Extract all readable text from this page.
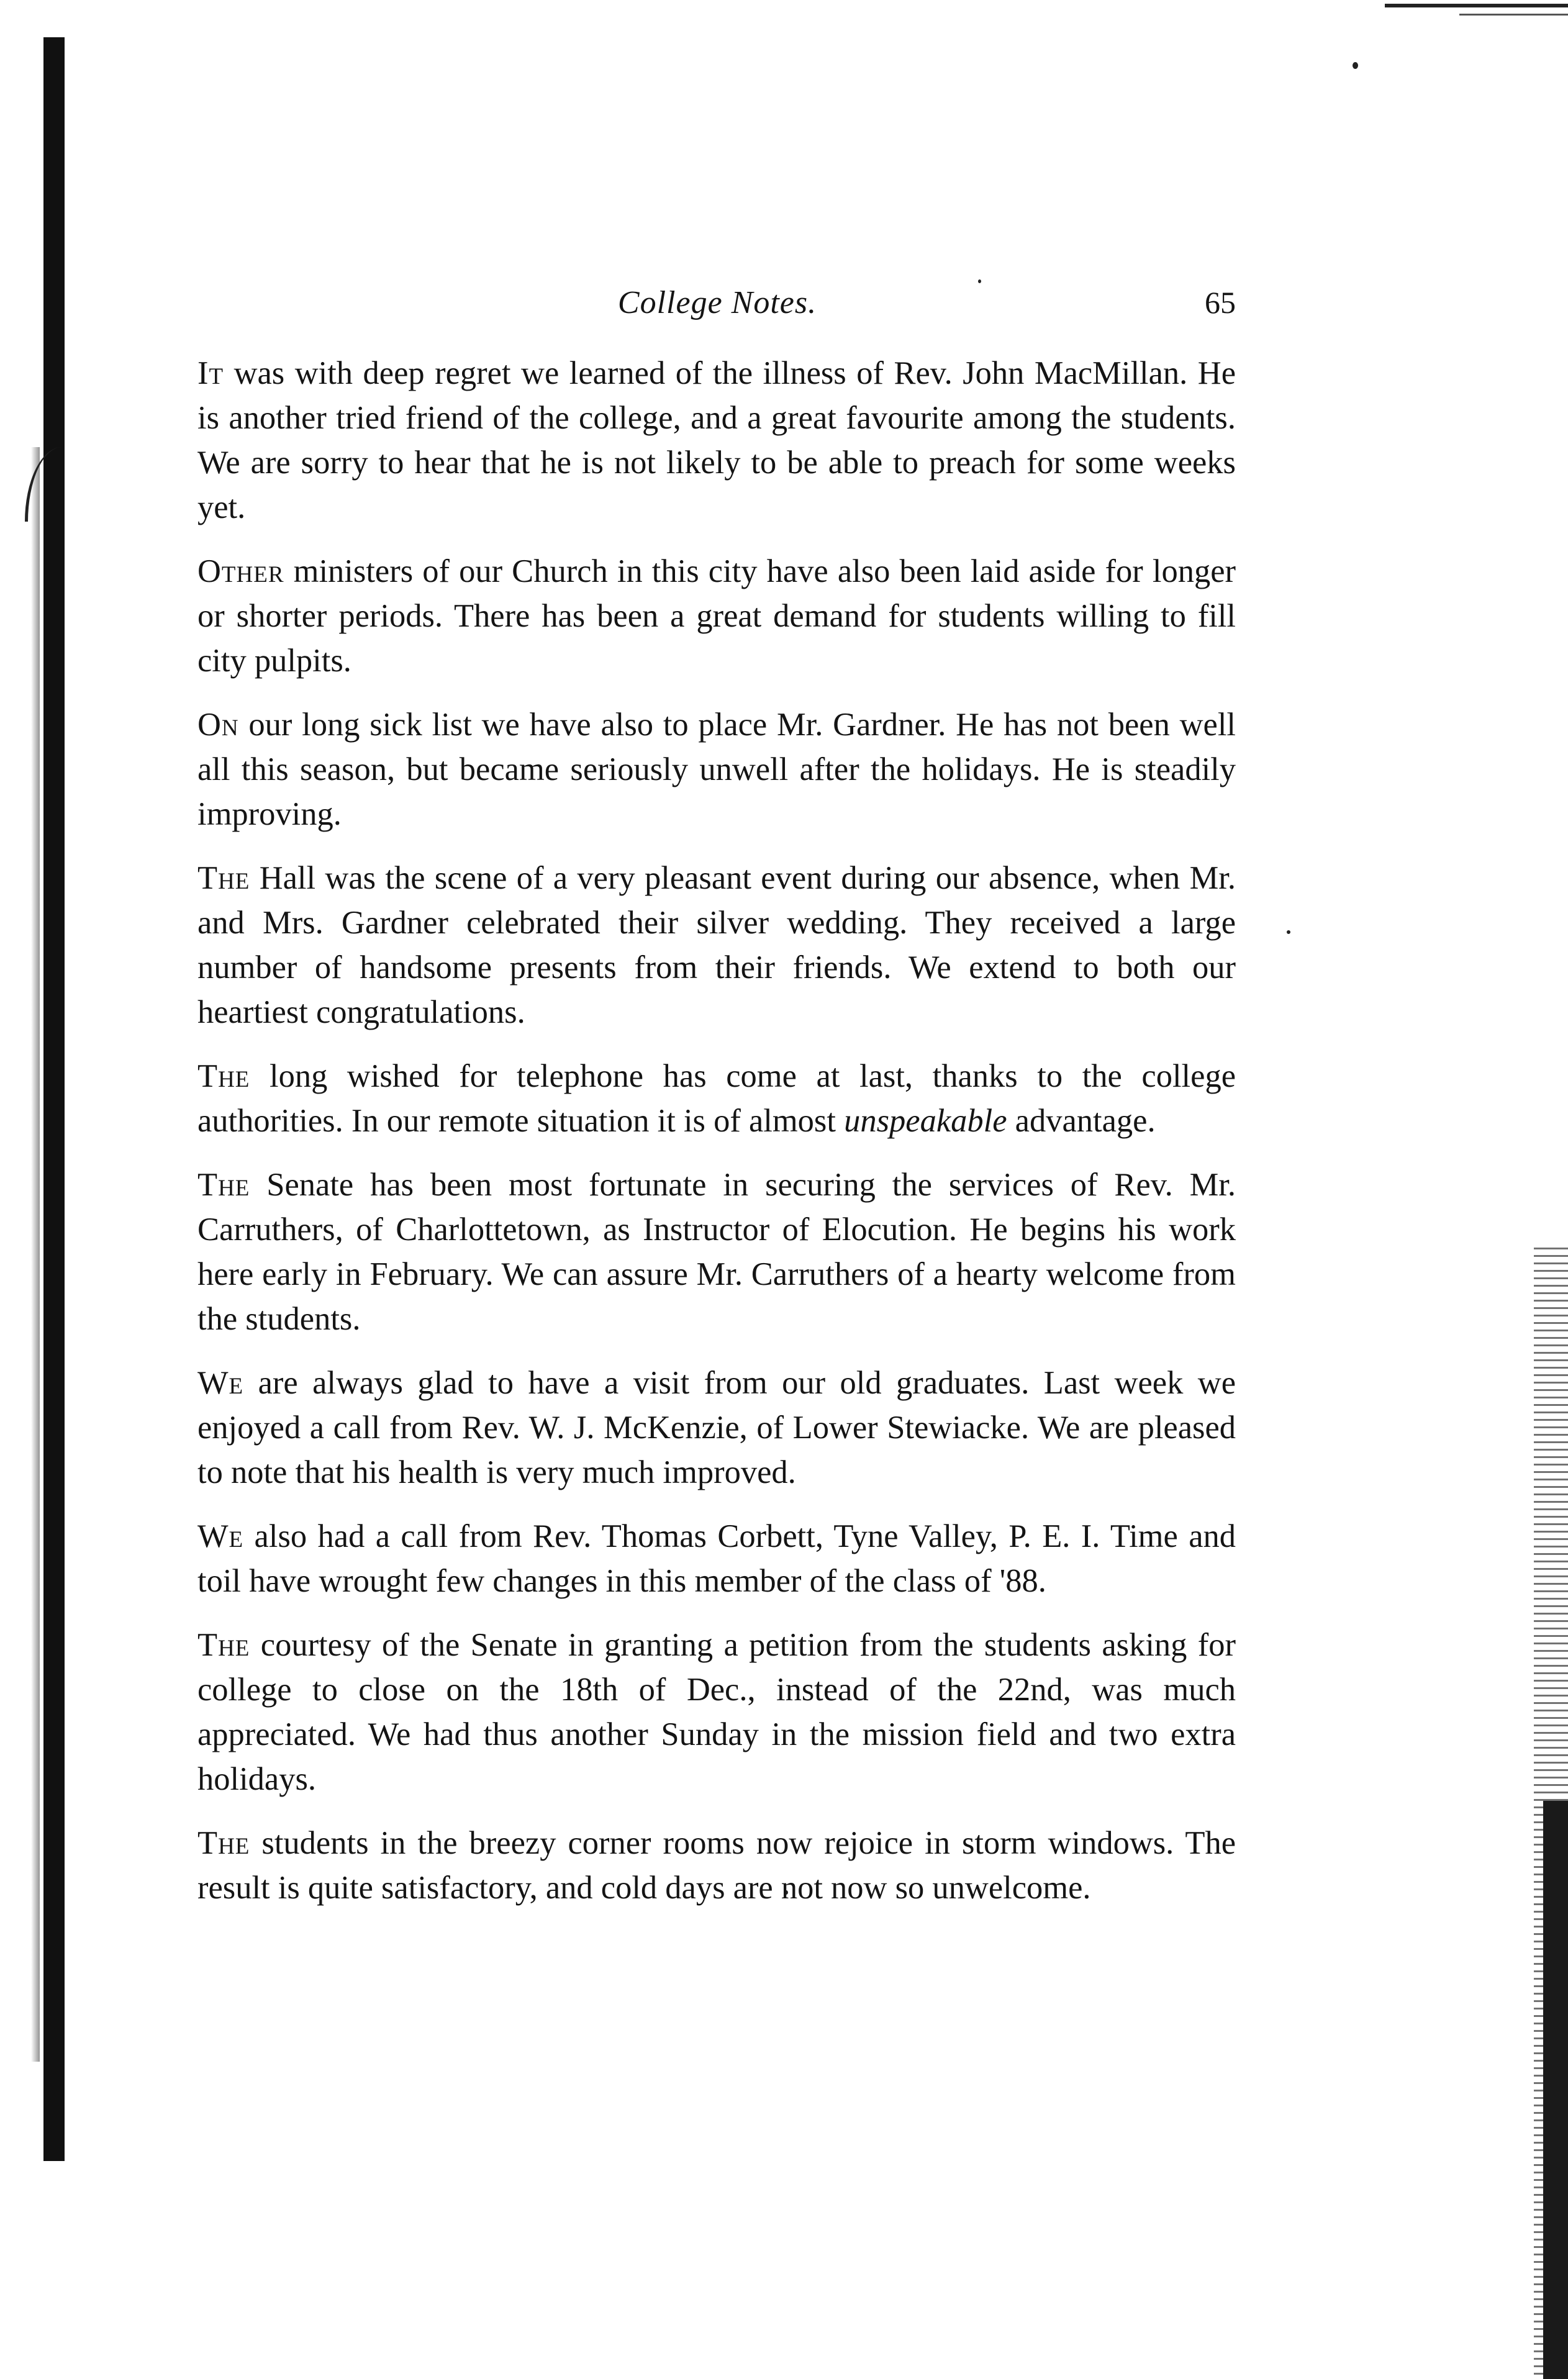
College Notes.	65

It was with deep regret we learned of the illness of Rev. John MacMillan. He is another tried friend of the college, and a great favourite among the students. We are sorry to hear that he is not likely to be able to preach for some weeks yet.

Other ministers of our Church in this city have also been laid aside for longer or shorter periods. There has been a great demand for students willing to fill city pulpits.

On our long sick list we have also to place Mr. Gardner. He has not been well all this season, but became seriously unwell after the holidays. He is steadily improving.

The Hall was the scene of a very pleasant event during our absence, when Mr. and Mrs. Gardner celebrated their silver wedding. They received a large number of handsome presents from their friends. We extend to both our heartiest congratulations.

The long wished for telephone has come at last, thanks to the college authorities. In our remote situation it is of almost unspeakable advantage.

The Senate has been most fortunate in securing the services of Rev. Mr. Carruthers, of Charlottetown, as Instructor of Elocution. He begins his work here early in February. We can assure Mr. Carruthers of a hearty welcome from the students.

We are always glad to have a visit from our old graduates. Last week we enjoyed a call from Rev. W. J. McKenzie, of Lower Stewiacke. We are pleased to note that his health is very much improved.

We also had a call from Rev. Thomas Corbett, Tyne Valley, P. E. I. Time and toil have wrought few changes in this member of the class of '88.

The courtesy of the Senate in granting a petition from the students asking for college to close on the 18th of Dec., instead of the 22nd, was much appreciated. We had thus another Sunday in the mission field and two extra holidays.

The students in the breezy corner rooms now rejoice in storm windows. The result is quite satisfactory, and cold days are not now so unwelcome.
